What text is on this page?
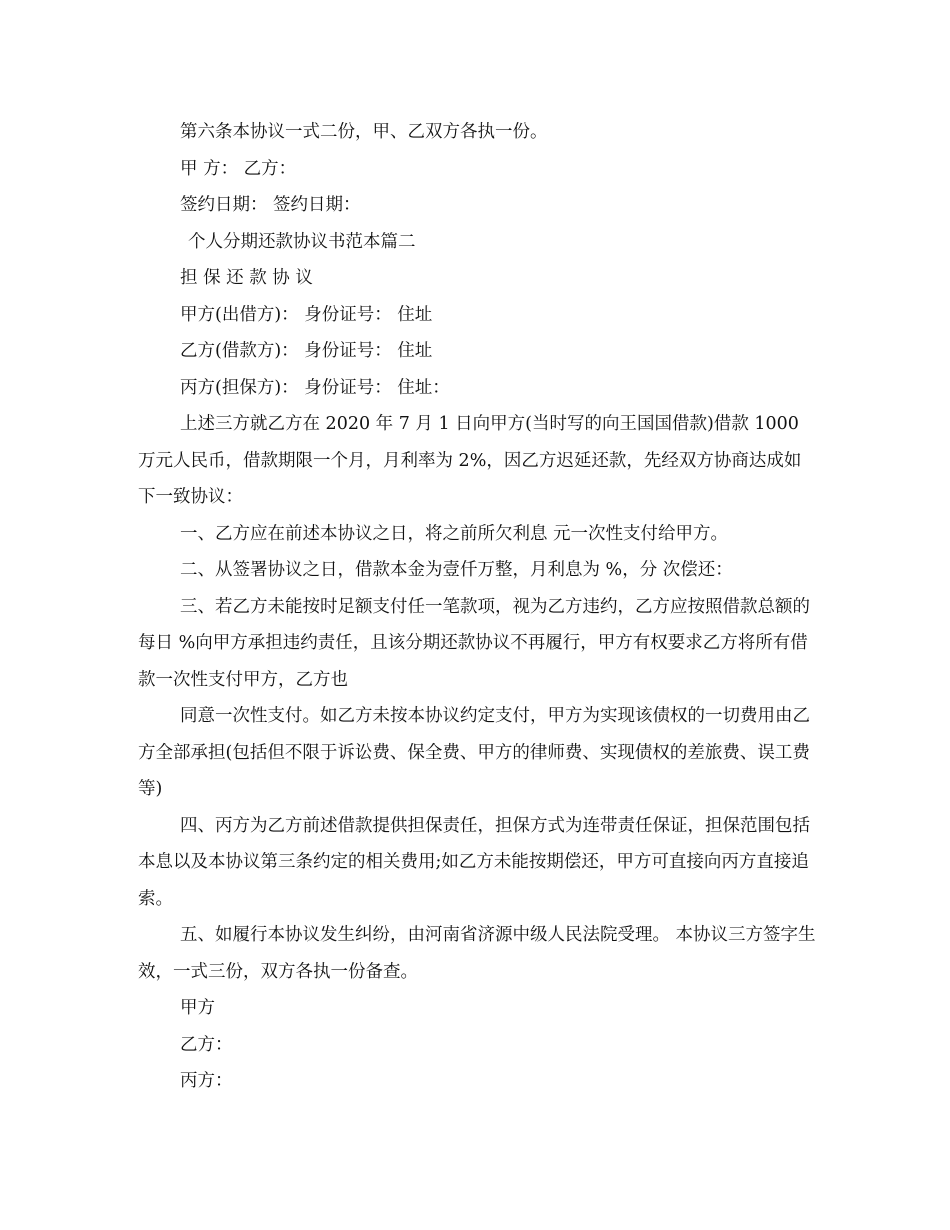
第六条本协议一式二份，甲、乙双方各执一份。

甲 方： 乙方：

签约日期： 签约日期：

个人分期还款协议书范本篇二

担 保 还 款 协 议

甲方(出借方)： 身份证号： 住址

乙方(借款方)： 身份证号： 住址

丙方(担保方)： 身份证号： 住址：

上述三方就乙方在 2020 年 7 月 1 日向甲方(当时写的向王国国借款)借款 1000 万元人民币，借款期限一个月，月利率为 2%，因乙方迟延还款，先经双方协商达成如下一致协议：

一、乙方应在前述本协议之日，将之前所欠利息 元一次性支付给甲方。

二、从签署协议之日，借款本金为壹仟万整，月利息为 %，分 次偿还：

三、若乙方未能按时足额支付任一笔款项，视为乙方违约，乙方应按照借款总额的每日 %向甲方承担违约责任，且该分期还款协议不再履行，甲方有权要求乙方将所有借款一次性支付甲方，乙方也

同意一次性支付。如乙方未按本协议约定支付，甲方为实现该债权的一切费用由乙方全部承担(包括但不限于诉讼费、保全费、甲方的律师费、实现债权的差旅费、误工费等)

四、丙方为乙方前述借款提供担保责任，担保方式为连带责任保证，担保范围包括本息以及本协议第三条约定的相关费用;如乙方未能按期偿还，甲方可直接向丙方直接追索。

五、如履行本协议发生纠纷，由河南省济源中级人民法院受理。 本协议三方签字生效，一式三份，双方各执一份备查。

甲方

乙方：

丙方：
